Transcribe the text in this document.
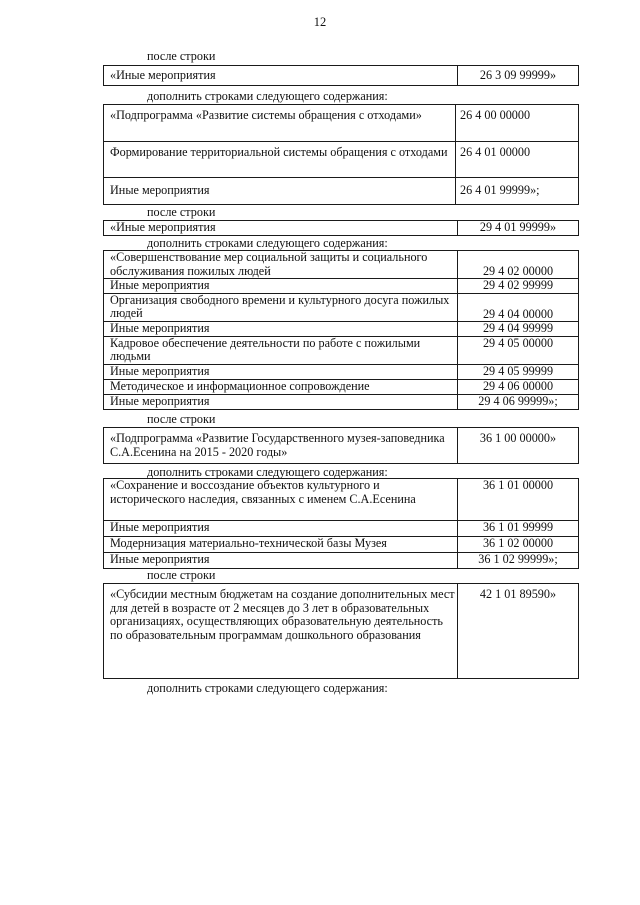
12
после строки
«Иные мероприятия	26 3 09 99999»
дополнить строками следующего содержания:
«Подпрограмма «Развитие системы обращения с отходами»	26 4 00 00000
Формирование территориальной системы обращения с отходами	26 4 01 00000
Иные мероприятия	26 4 01 99999»;
после строки
«Иные мероприятия	29 4 01 99999»
дополнить строками следующего содержания:
«Совершенствование мер социальной защиты и социального обслуживания пожилых людей	29 4 02 00000
Иные мероприятия	29 4 02 99999
Организация свободного времени и культурного досуга пожилых людей	29 4 04 00000
Иные мероприятия	29 4 04 99999
Кадровое обеспечение деятельности по работе с пожилыми людьми	29 4 05 00000
Иные мероприятия	29 4 05 99999
Методическое и информационное сопровождение	29 4 06 00000
Иные мероприятия	29 4 06 99999»;
после строки
«Подпрограмма «Развитие Государственного музея-заповедника С.А.Есенина на 2015 - 2020 годы»	36 1 00 00000»
дополнить строками следующего содержания:
«Сохранение и воссоздание объектов культурного и исторического наследия, связанных с именем С.А.Есенина	36 1 01 00000
Иные мероприятия	36 1 01 99999
Модернизация материально-технической базы Музея	36 1 02 00000
Иные мероприятия	36 1 02 99999»;
после строки
«Субсидии местным бюджетам на создание дополнительных мест для детей в возрасте от 2 месяцев до 3 лет в образовательных организациях, осуществляющих образовательную деятельность по образовательным программам дошкольного образования	42 1 01 89590»
дополнить строками следующего содержания:
